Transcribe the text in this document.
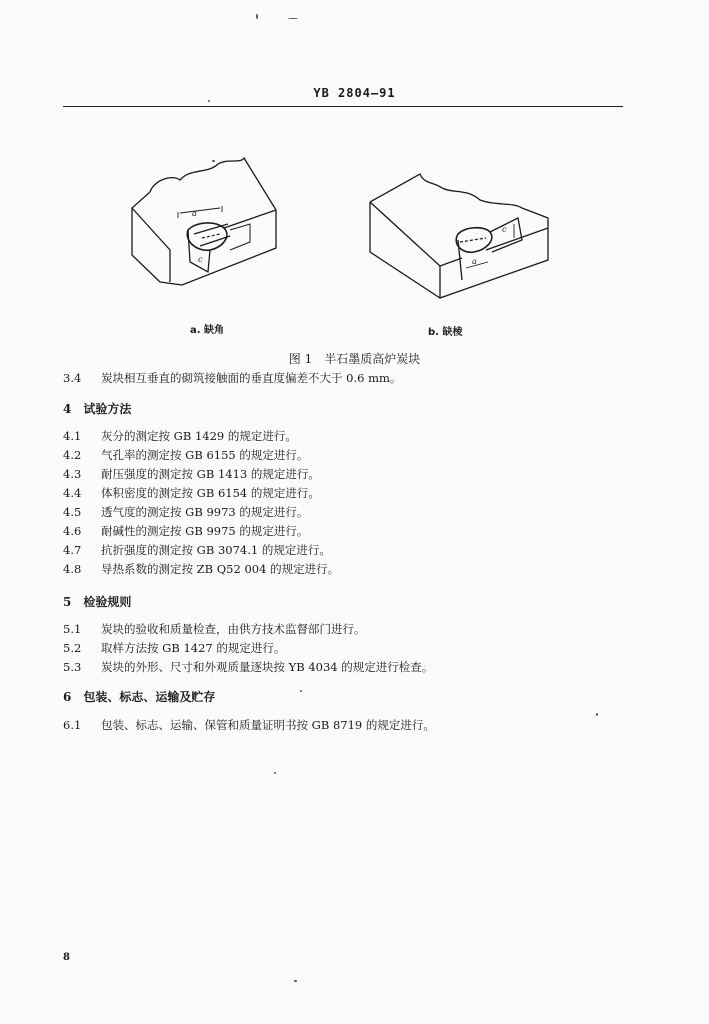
YB 2804—91
a
c
c
a
a. 缺角	b. 缺棱
图 1　半石墨质高炉炭块
3.4 炭块相互垂直的砌筑接触面的垂直度偏差不大于 0.6 mm。
4　试验方法
4.1 灰分的测定按 GB 1429 的规定进行。
4.2 气孔率的测定按 GB 6155 的规定进行。
4.3 耐压强度的测定按 GB 1413 的规定进行。
4.4 体积密度的测定按 GB 6154 的规定进行。
4.5 透气度的测定按 GB 9973 的规定进行。
4.6 耐碱性的测定按 GB 9975 的规定进行。
4.7 抗折强度的测定按 GB 3074.1 的规定进行。
4.8 导热系数的测定按 ZB Q52 004 的规定进行。
5　检验规则
5.1 炭块的验收和质量检查，由供方技术监督部门进行。
5.2 取样方法按 GB 1427 的规定进行。
5.3 炭块的外形、尺寸和外观质量逐块按 YB 4034 的规定进行检查。
6　包装、标志、运输及贮存
6.1 包装、标志、运输、保管和质量证明书按 GB 8719 的规定进行。
8
